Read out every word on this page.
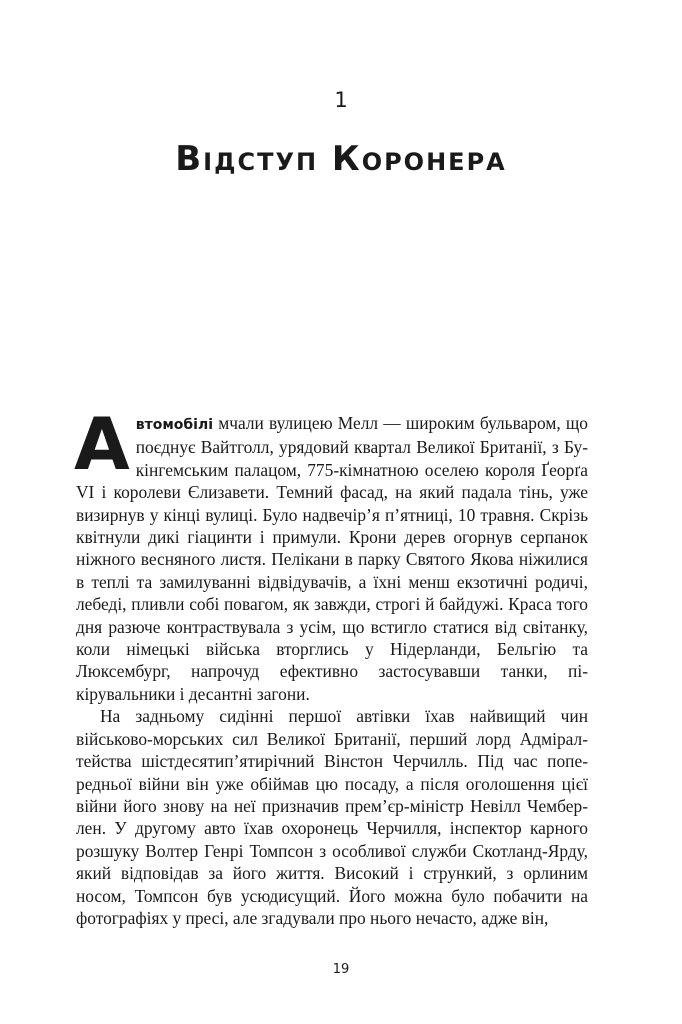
1
Відступ Коронера

Автомобілі мчали вулицею Мелл — широким бульваром, що поєднує Вайтголл, урядовий квартал Великої Британії, з Букінгемським палацом, 775-кімнатною оселею короля Ґеорґа VI і королеви Єлизавети. Темний фасад, на який падала тінь, уже визирнув у кінці вулиці. Було надвечір’я п’ятниці, 10 травня. Скрізь квітнули дикі гіацинти і примули. Крони дерев огорнув серпанок ніжного весняного листя. Пелікани в парку Святого Якова ніжилися в теплі та замилуванні відвідувачів, а їхні менш екзотичні родичі, лебеді, пливли собі повагом, як завжди, строгі й байдужі. Краса того дня разюче контраствувала з усім, що встигло статися від світанку, коли німецькі війська вторглись у Нідерланди, Бельгію та Люксембург, напрочуд ефективно застосувавши танки, пікірувальники і десантні загони.

На задньому сидінні першої автівки їхав найвищий чин військово-морських сил Великої Британії, перший лорд Адміралтейства шістдесятип’ятирічний Вінстон Черчилль. Під час попередньої війни він уже обіймав цю посаду, а після оголошення цієї війни його знову на неї призначив прем’єр-міністр Невілл Чемберлен. У другому авто їхав охоронець Черчилля, інспектор карного розшуку Волтер Генрі Томпсон з особливої служби Скотланд-Ярду, який відповідав за його життя. Високий і стрункий, з орлиним носом, Томпсон був усюдисущий. Його можна було побачити на фотографіях у пресі, але згадували про нього нечасто, адже він,

19
